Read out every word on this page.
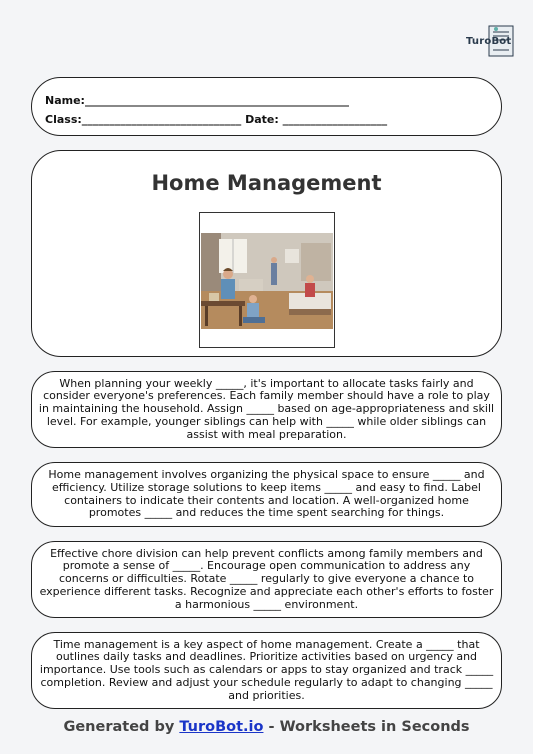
TuroBot
Name:________________________________________________
Class:_____________________________ Date: ___________________
Home Management

When planning your weekly _____, it's important to allocate tasks fairly and consider everyone's preferences. Each family member should have a role to play in maintaining the household. Assign _____ based on age-appropriateness and skill level. For example, younger siblings can help with _____ while older siblings can assist with meal preparation.

Home management involves organizing the physical space to ensure _____ and efficiency. Utilize storage solutions to keep items _____ and easy to find. Label containers to indicate their contents and location. A well-organized home promotes _____ and reduces the time spent searching for things.

Effective chore division can help prevent conflicts among family members and promote a sense of _____. Encourage open communication to address any concerns or difficulties. Rotate _____ regularly to give everyone a chance to experience different tasks. Recognize and appreciate each other's efforts to foster a harmonious _____ environment.

Time management is a key aspect of home management. Create a _____ that outlines daily tasks and deadlines. Prioritize activities based on urgency and importance. Use tools such as calendars or apps to stay organized and track _____ completion. Review and adjust your schedule regularly to adapt to changing _____ and priorities.

Generated by TuroBot.io - Worksheets in Seconds
